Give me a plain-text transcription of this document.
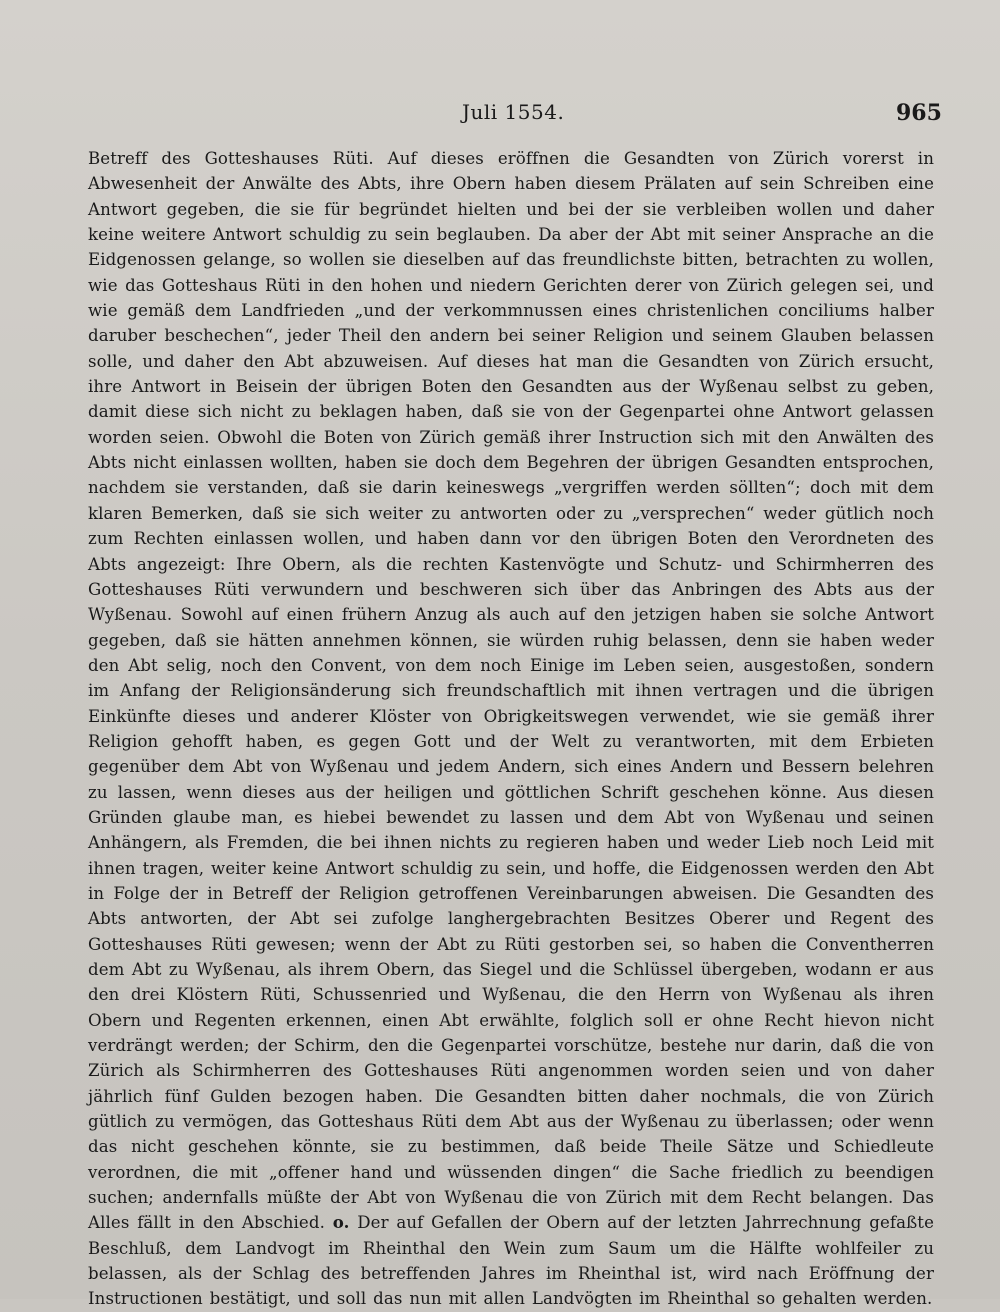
Juli 1554.	965
Betreff des Gotteshauses Rüti. Auf dieses eröffnen die Gesandten von Zürich vorerst in Abwesenheit der Anwälte des Abts, ihre Obern haben diesem Prälaten auf sein Schreiben eine Antwort gegeben, die sie für begründet hielten und bei der sie verbleiben wollen und daher keine weitere Antwort schuldig zu sein beglauben. Da aber der Abt mit seiner Ansprache an die Eidgenossen gelange, so wollen sie dieselben auf das freundlichste bitten, betrachten zu wollen, wie das Gotteshaus Rüti in den hohen und niedern Gerichten derer von Zürich gelegen sei, und wie gemäß dem Landfrieden „und der verkommnussen eines christenlichen conciliums halber daruber beschechen“, jeder Theil den andern bei seiner Religion und seinem Glauben belassen solle, und daher den Abt abzuweisen. Auf dieses hat man die Gesandten von Zürich ersucht, ihre Antwort in Beisein der übrigen Boten den Gesandten aus der Wyßenau selbst zu geben, damit diese sich nicht zu beklagen haben, daß sie von der Gegenpartei ohne Antwort gelassen worden seien. Obwohl die Boten von Zürich gemäß ihrer Instruction sich mit den Anwälten des Abts nicht einlassen wollten, haben sie doch dem Begehren der übrigen Gesandten entsprochen, nachdem sie verstanden, daß sie darin keineswegs „vergriffen werden söllten“; doch mit dem klaren Bemerken, daß sie sich weiter zu antworten oder zu „versprechen“ weder gütlich noch zum Rechten einlassen wollen, und haben dann vor den übrigen Boten den Verordneten des Abts angezeigt: Ihre Obern, als die rechten Kastenvögte und Schutz- und Schirmherren des Gotteshauses Rüti verwundern und beschweren sich über das Anbringen des Abts aus der Wyßenau. Sowohl auf einen frühern Anzug als auch auf den jetzigen haben sie solche Antwort gegeben, daß sie hätten annehmen können, sie würden ruhig belassen, denn sie haben weder den Abt selig, noch den Convent, von dem noch Einige im Leben seien, ausgestoßen, sondern im Anfang der Religionsänderung sich freundschaftlich mit ihnen vertragen und die übrigen Einkünfte dieses und anderer Klöster von Obrigkeitswegen verwendet, wie sie gemäß ihrer Religion gehofft haben, es gegen Gott und der Welt zu verantworten, mit dem Erbieten gegenüber dem Abt von Wyßenau und jedem Andern, sich eines Andern und Bessern belehren zu lassen, wenn dieses aus der heiligen und göttlichen Schrift geschehen könne. Aus diesen Gründen glaube man, es hiebei bewendet zu lassen und dem Abt von Wyßenau und seinen Anhängern, als Fremden, die bei ihnen nichts zu regieren haben und weder Lieb noch Leid mit ihnen tragen, weiter keine Antwort schuldig zu sein, und hoffe, die Eidgenossen werden den Abt in Folge der in Betreff der Religion getroffenen Vereinbarungen abweisen. Die Gesandten des Abts antworten, der Abt sei zufolge langhergebrachten Besitzes Oberer und Regent des Gotteshauses Rüti gewesen; wenn der Abt zu Rüti gestorben sei, so haben die Conventherren dem Abt zu Wyßenau, als ihrem Obern, das Siegel und die Schlüssel übergeben, wodann er aus den drei Klöstern Rüti, Schussenried und Wyßenau, die den Herrn von Wyßenau als ihren Obern und Regenten erkennen, einen Abt erwählte, folglich soll er ohne Recht hievon nicht verdrängt werden; der Schirm, den die Gegenpartei vorschütze, bestehe nur darin, daß die von Zürich als Schirmherren des Gotteshauses Rüti angenommen worden seien und von daher jährlich fünf Gulden bezogen haben. Die Gesandten bitten daher nochmals, die von Zürich gütlich zu vermögen, das Gotteshaus Rüti dem Abt aus der Wyßenau zu überlassen; oder wenn das nicht geschehen könnte, sie zu bestimmen, daß beide Theile Sätze und Schiedleute verordnen, die mit „offener hand und wüssenden dingen“ die Sache friedlich zu beendigen suchen; andernfalls müßte der Abt von Wyßenau die von Zürich mit dem Recht belangen. Das Alles fällt in den Abschied. o. Der auf Gefallen der Obern auf der letzten Jahrrechnung gefaßte Beschluß, dem Landvogt im Rheinthal den Wein zum Saum um die Hälfte wohlfeiler zu belassen, als der Schlag des betreffenden Jahres im Rheinthal ist, wird nach Eröffnung der Instructionen bestätigt, und soll das nun mit allen Landvögten im Rheinthal so gehalten werden.
